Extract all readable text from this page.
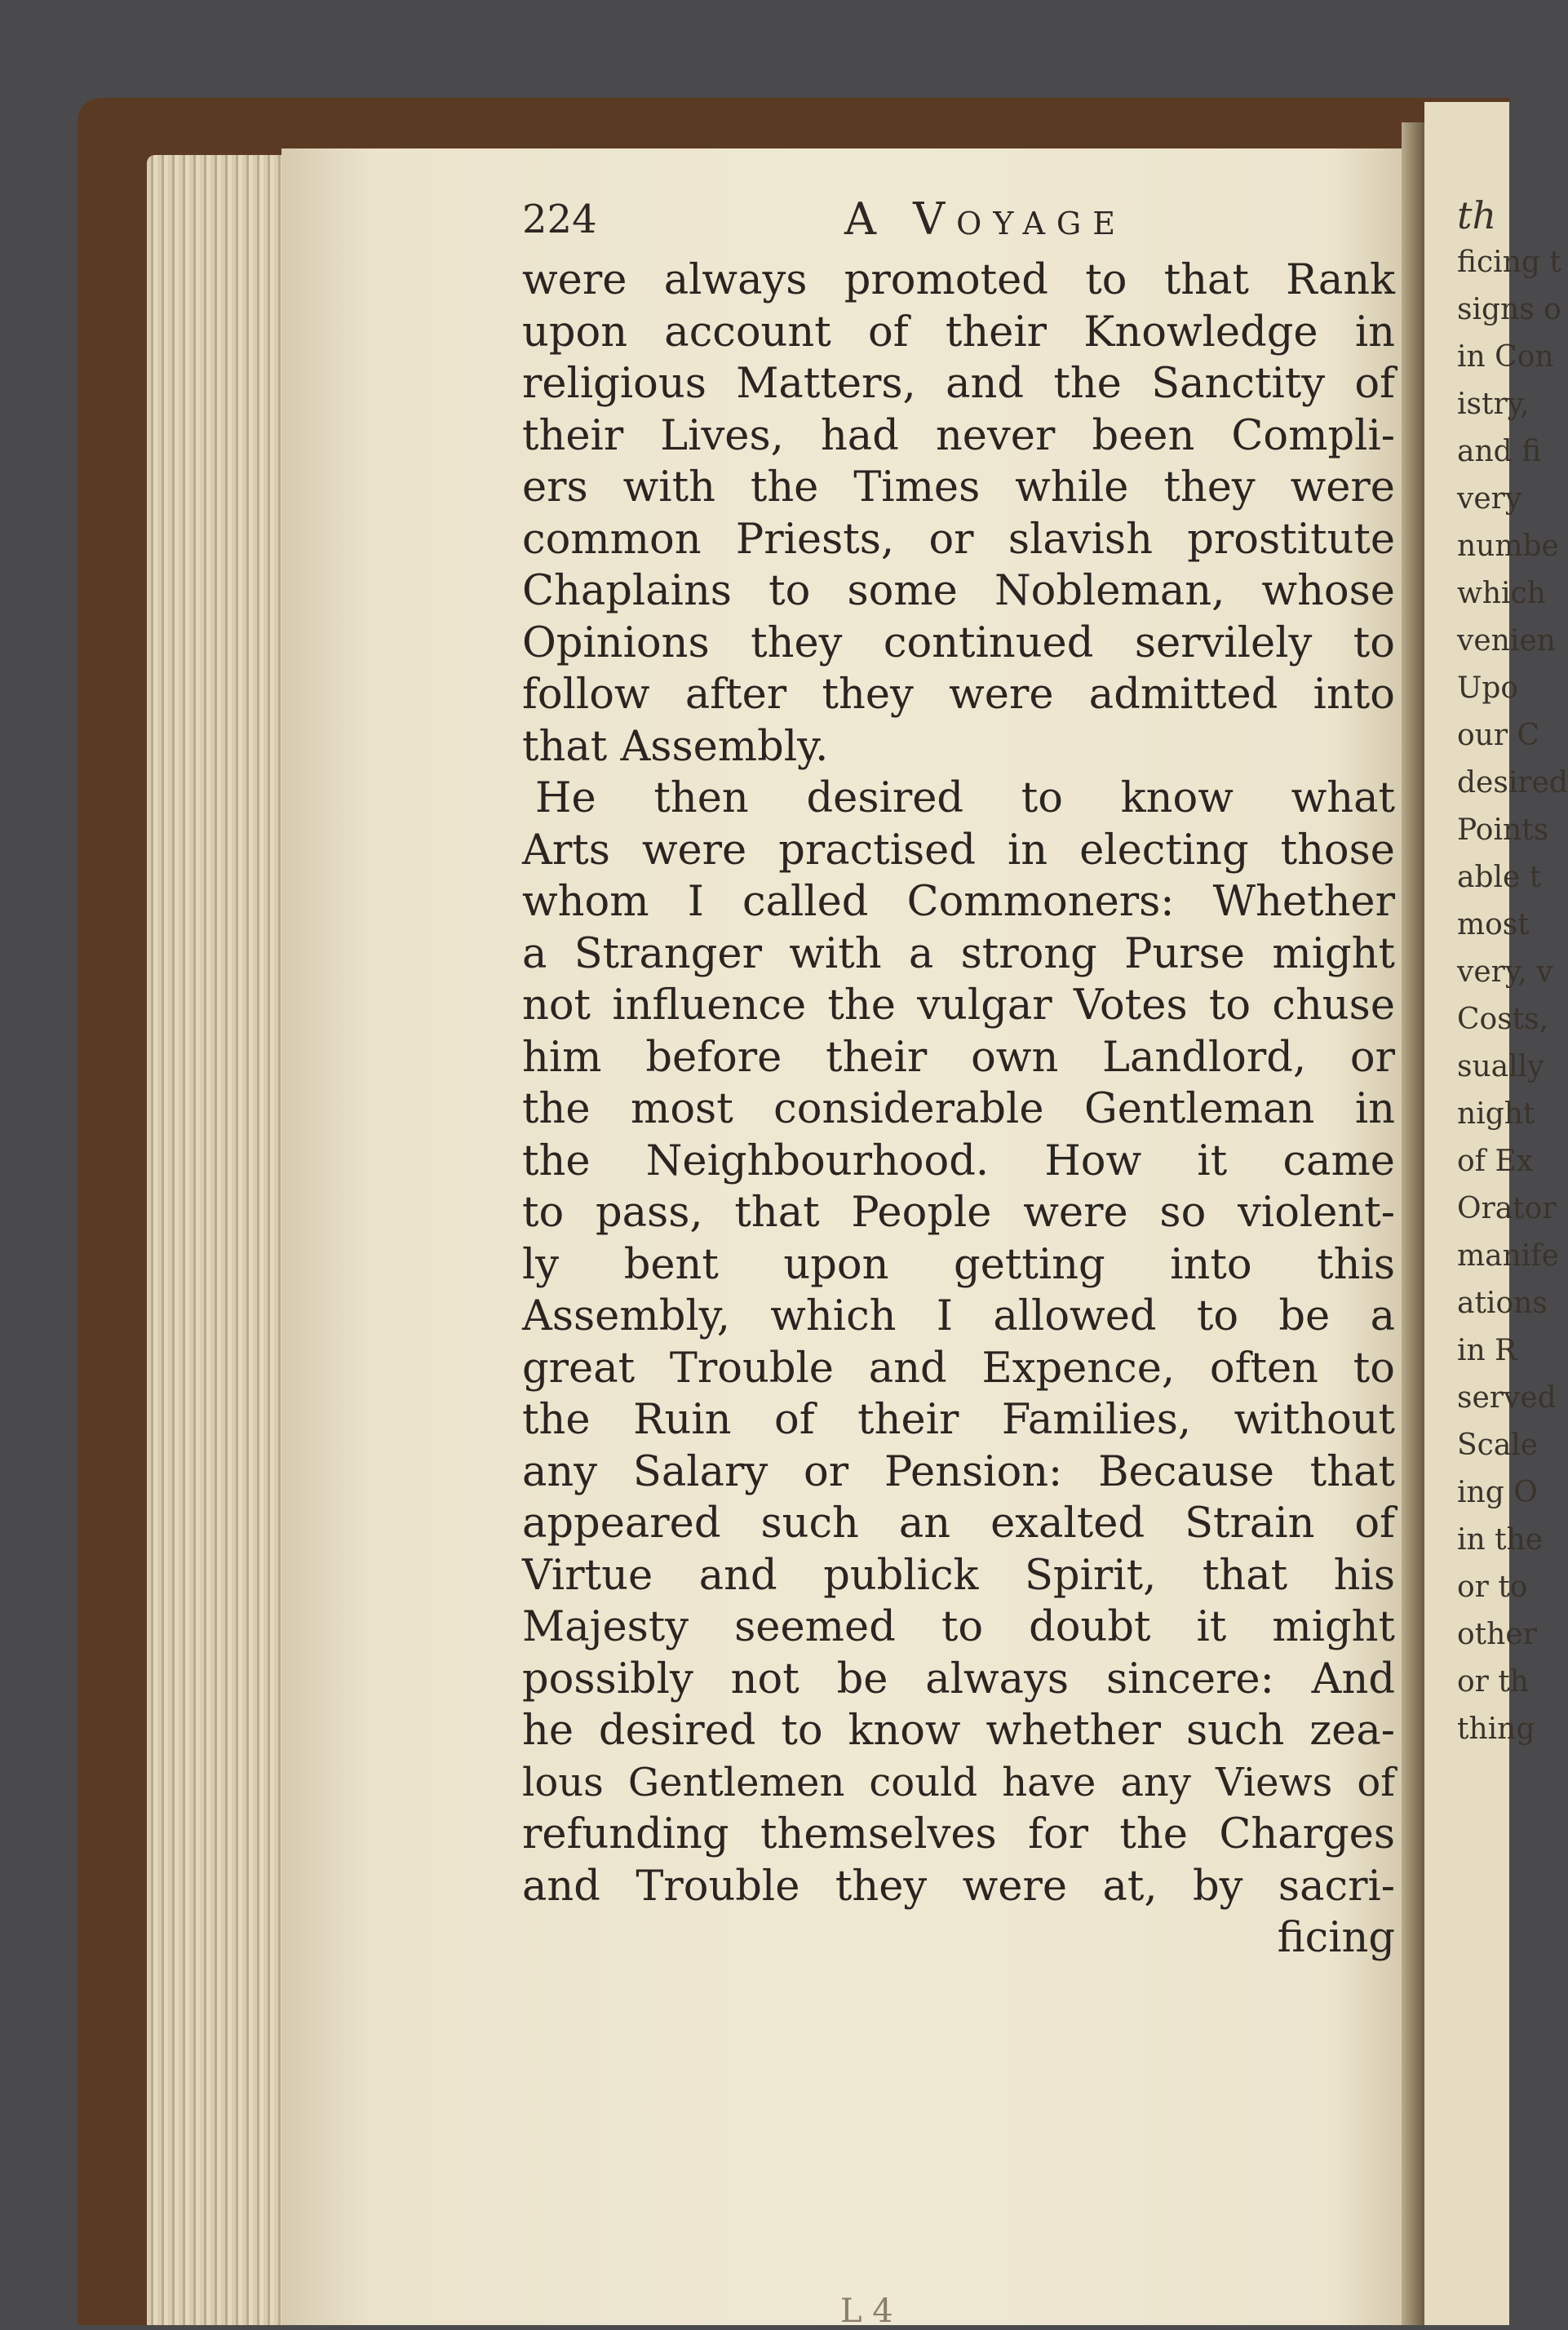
224	A Voyage
were always promoted to that Rank
upon account of their Knowledge in
religious Matters, and the Sanctity of
their Lives, had never been Compli-
ers with the Times while they were
common Priests, or slavish prostitute
Chaplains to some Nobleman, whose
Opinions they continued servilely to
follow after they were admitted into
that Assembly.
He then desired to know what
Arts were practised in electing those
whom I called Commoners: Whether
a Stranger with a strong Purse might
not influence the vulgar Votes to chuse
him before their own Landlord, or
the most considerable Gentleman in
the Neighbourhood. How it came
to pass, that People were so violent-
ly bent upon getting into this
Assembly, which I allowed to be a
great Trouble and Expence, often to
the Ruin of their Families, without
any Salary or Pension: Because that
appeared such an exalted Strain of
Virtue and publick Spirit, that his
Majesty seemed to doubt it might
possibly not be always sincere: And
he desired to know whether such zea-
lous Gentlemen could have any Views of
refunding themselves for the Charges
and Trouble they were at, by sacri-
ficing
L 4
th
ficing t
signs o
in Con
istry,
and fi
very
numbe
which
venien
Upo
our C
desired
Points
able t
most
very, v
Costs,
sually
night
of Ex
Orator
manife
ations
in R
served
Scale
ing O
in the
or to
other
or th
thing
